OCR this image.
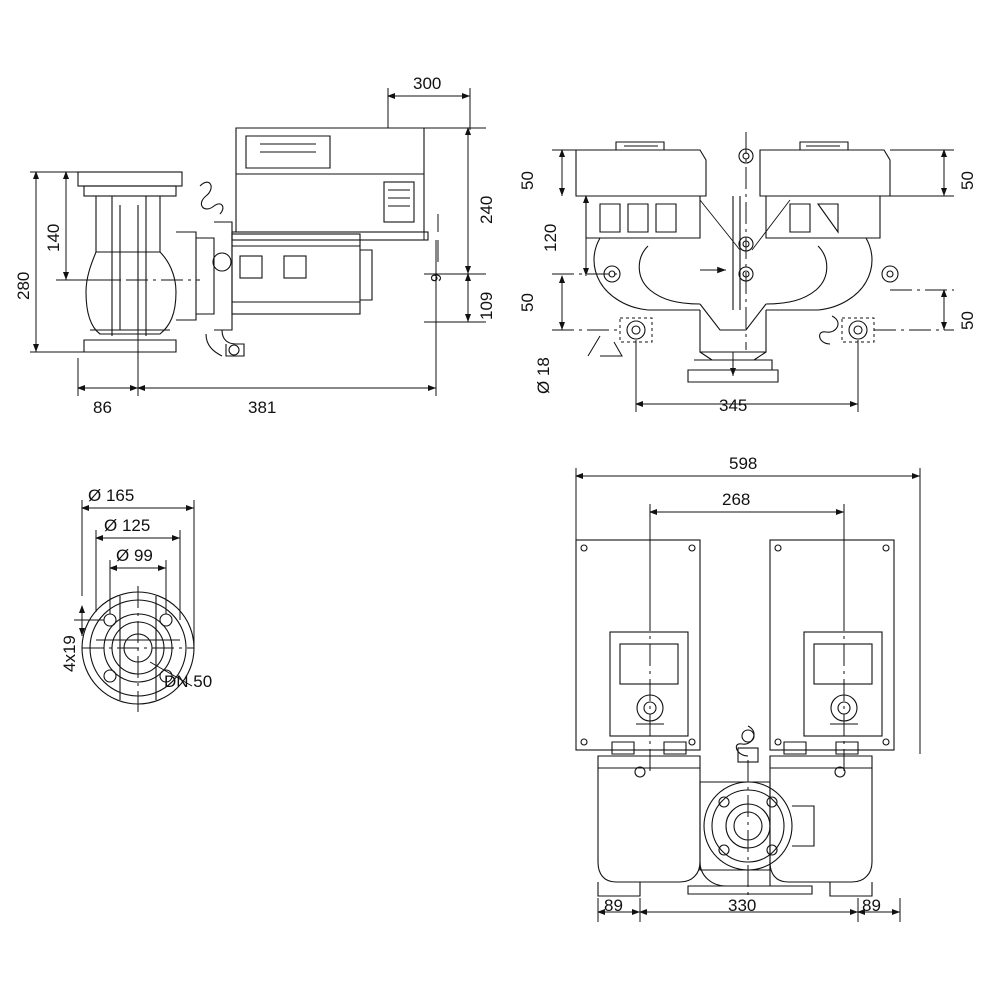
280
140
240
109
9
300
86	381
120
50
50
50
50
Ø 18
345
Ø 165
Ø 125
Ø 99
4x19
DN 50
598
268
89	330	89
